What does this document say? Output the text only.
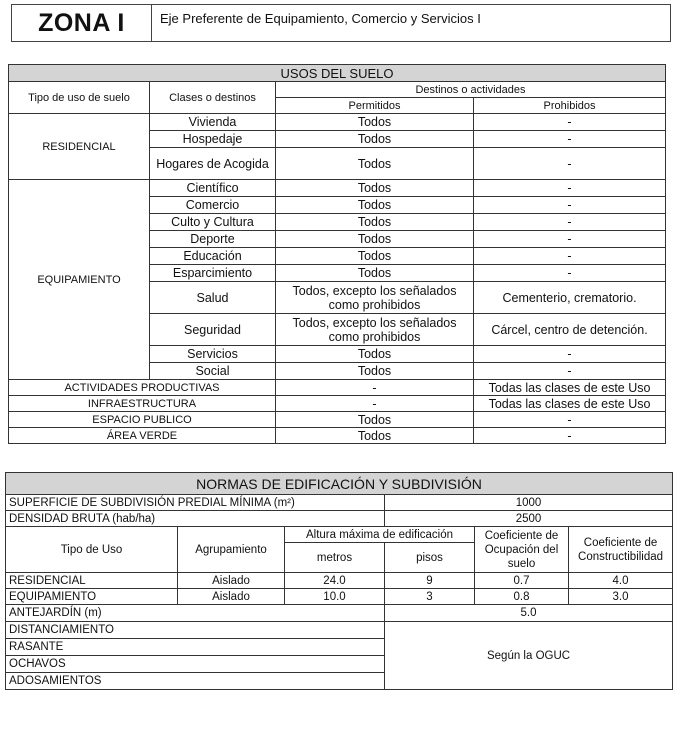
ZONA I	Eje Preferente de Equipamiento, Comercio y Servicios I
USOS DEL SUELO			
Tipo de uso de suelo	Clases o destinos	Destinos o actividades	
		Permitidos	Prohibidos
RESIDENCIAL	Vivienda	Todos	-
	Hospedaje	Todos	-
	Hogares de Acogida	Todos	-
EQUIPAMIENTO	Científico	Todos	-
	Comercio	Todos	-
	Culto y Cultura	Todos	-
	Deporte	Todos	-
	Educación	Todos	-
	Esparcimiento	Todos	-
	Salud	Todos, excepto los señalados como prohibidos	Cementerio, crematorio.
	Seguridad	Todos, excepto los señalados como prohibidos	Cárcel, centro de detención.
	Servicios	Todos	-
	Social	Todos	-
ACTIVIDADES PRODUCTIVAS		-	Todas las clases de este Uso
INFRAESTRUCTURA		-	Todas las clases de este Uso
ESPACIO PUBLICO		Todos	-
ÁREA VERDE		Todos	-
NORMAS DE EDIFICACIÓN Y SUBDIVISIÓN					
SUPERFICIE DE SUBDIVISIÓN PREDIAL MÍNIMA (m²)			1000		
DENSIDAD BRUTA (hab/ha)			2500		
Tipo de Uso	Agrupamiento	Altura máxima de edificación		Coeficiente de Ocupación del suelo	Coeficiente de Constructibilidad
		metros	pisos		
RESIDENCIAL	Aislado	24.0	9	0.7	4.0
EQUIPAMIENTO	Aislado	10.0	3	0.8	3.0
ANTEJARDÍN (m)			5.0		
DISTANCIAMIENTO			Según la OGUC		
RASANTE					
OCHAVOS					
ADOSAMIENTOS					
